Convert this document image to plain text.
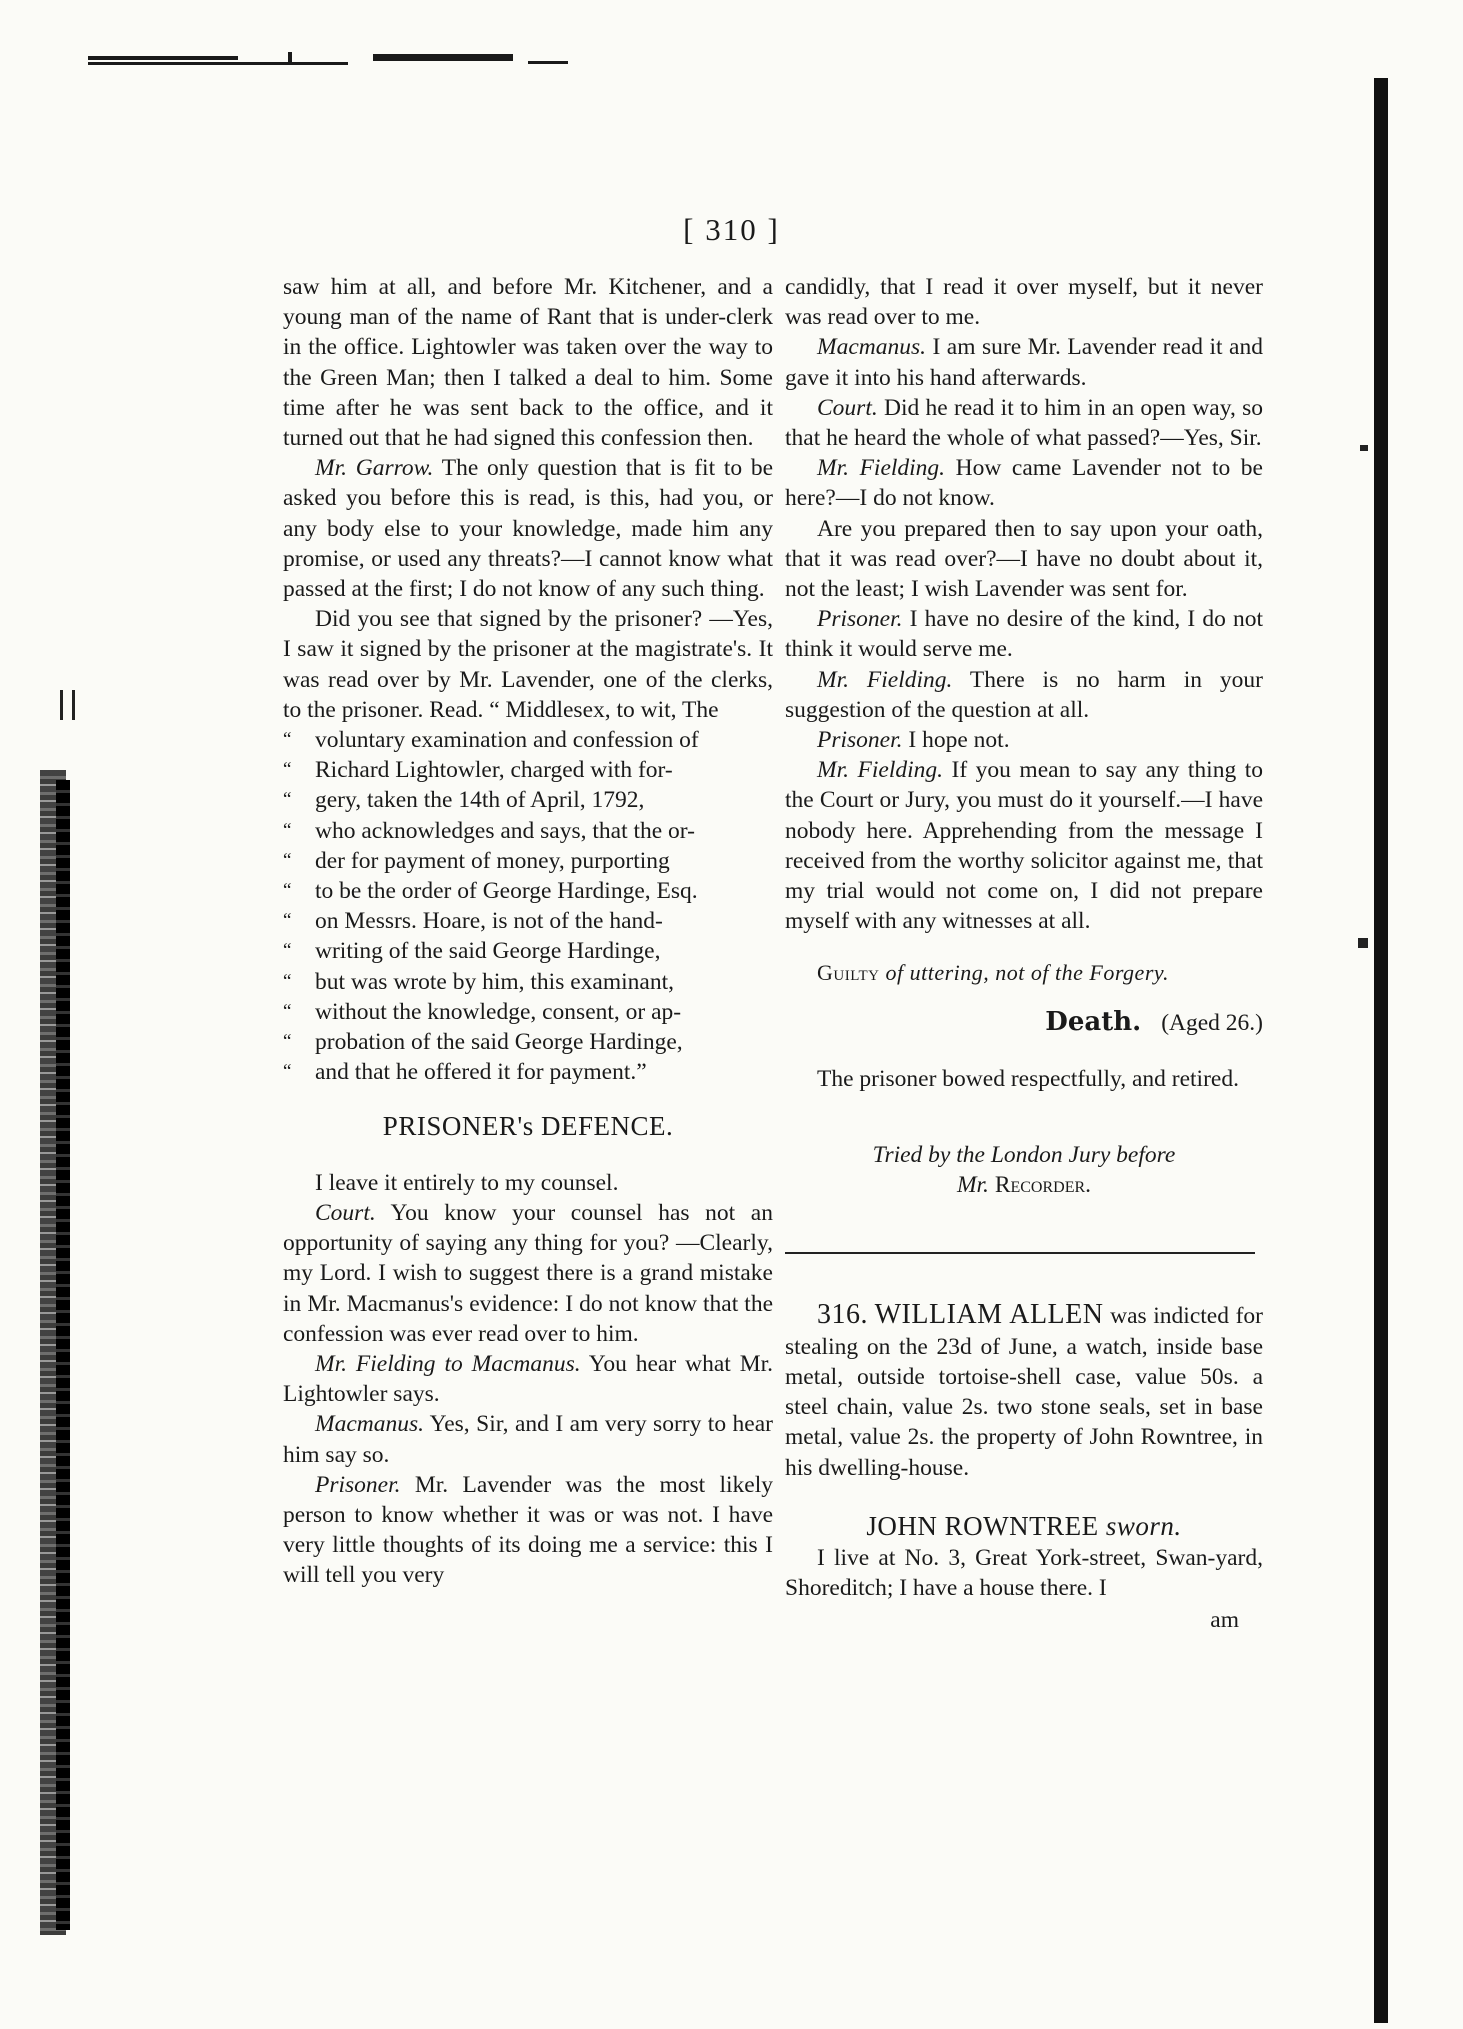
[ 310 ]

saw him at all, and before Mr. Kitchener, and a young man of the name of Rant that is under-clerk in the office. Lightowler was taken over the way to the Green Man; then I talked a deal to him. Some time after he was sent back to the office, and it turned out that he had signed this confession then.

Mr. Garrow. The only question that is fit to be asked you before this is read, is this, had you, or any body else to your knowledge, made him any promise, or used any threats?—I cannot know what passed at the first; I do not know of any such thing.

Did you see that signed by the prisoner? —Yes, I saw it signed by the prisoner at the magistrate's. It was read over by Mr. Lavender, one of the clerks, to the prisoner. Read. “ Middlesex, to wit, The

“ voluntary examination and confession of

“ Richard Lightowler, charged with for-

“ gery, taken the 14th of April, 1792,

“ who acknowledges and says, that the or-

“ der for payment of money, purporting

“ to be the order of George Hardinge, Esq.

“ on Messrs. Hoare, is not of the hand-

“ writing of the said George Hardinge,

“ but was wrote by him, this examinant,

“ without the knowledge, consent, or ap-

“ probation of the said George Hardinge,

“ and that he offered it for payment.”

PRISONER's DEFENCE.

I leave it entirely to my counsel.

Court. You know your counsel has not an opportunity of saying any thing for you? —Clearly, my Lord. I wish to suggest there is a grand mistake in Mr. Macmanus's evidence: I do not know that the confession was ever read over to him.

Mr. Fielding to Macmanus. You hear what Mr. Lightowler says.

Macmanus. Yes, Sir, and I am very sorry to hear him say so.

Prisoner. Mr. Lavender was the most likely person to know whether it was or was not. I have very little thoughts of its doing me a service: this I will tell you very

candidly, that I read it over myself, but it never was read over to me.

Macmanus. I am sure Mr. Lavender read it and gave it into his hand afterwards.

Court. Did he read it to him in an open way, so that he heard the whole of what passed?—Yes, Sir.

Mr. Fielding. How came Lavender not to be here?—I do not know.

Are you prepared then to say upon your oath, that it was read over?—I have no doubt about it, not the least; I wish Lavender was sent for.

Prisoner. I have no desire of the kind, I do not think it would serve me.

Mr. Fielding. There is no harm in your suggestion of the question at all.

Prisoner. I hope not.

Mr. Fielding. If you mean to say any thing to the Court or Jury, you must do it yourself.—I have nobody here. Apprehending from the message I received from the worthy solicitor against me, that my trial would not come on, I did not prepare myself with any witnesses at all.

Guilty of uttering, not of the Forgery.

Death. (Aged 26.)

The prisoner bowed respectfully, and retired.

Tried by the London Jury before

Mr. Recorder.

316. WILLIAM ALLEN was indicted for stealing on the 23d of June, a watch, inside base metal, outside tortoise-shell case, value 50s. a steel chain, value 2s. two stone seals, set in base metal, value 2s. the property of John Rowntree, in his dwelling-house.

JOHN ROWNTREE sworn.

I live at No. 3, Great York-street, Swan-yard, Shoreditch; I have a house there. I

am
